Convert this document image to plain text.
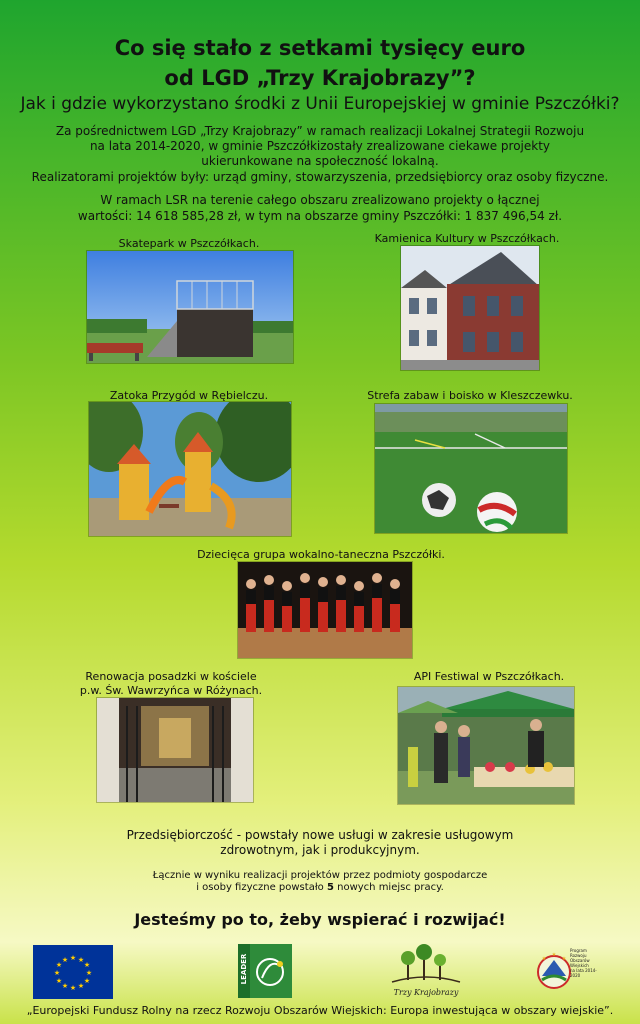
Co się stało z setkami tysięcy euro
od LGD „Trzy Krajobrazy”?
Jak i gdzie wykorzystano środki z Unii Europejskiej w gminie Pszczółki?
Za pośrednictwem LGD „Trzy Krajobrazy” w ramach realizacji Lokalnej Strategii Rozwoju
na lata 2014-2020, w gminie Pszczółkizostały zrealizowane ciekawe projekty
ukierunkowane na społeczność lokalną.
Realizatorami projektów były: urząd gminy, stowarzyszenia, przedsiębiorcy oraz osoby fizyczne.
W ramach LSR na terenie całego obszaru zrealizowano projekty o łącznej
wartości: 14 618 585,28 zł, w tym na obszarze gminy Pszczółki: 1 837 496,54 zł.
Skatepark w Pszczółkach.	Kamienica Kultury w Pszczółkach.
Zatoka Przygód w Rębielczu.	Strefa zabaw i boisko w Kleszczewku.
Dziecięca grupa wokalno-taneczna Pszczółki.
Renowacja posadzki w kościele
p.w. Św. Wawrzyńca w Różynach.
API Festiwal w Pszczółkach.
Przedsiębiorczość - powstały nowe usługi w zakresie usługowym
zdrowotnym, jak i produkcyjnym.
Łącznie w wyniku realizacji projektów przez podmioty gospodarcze
i osoby fizyczne powstało 5 nowych miejsc pracy.
Jesteśmy po to, żeby wspierać i rozwijać!
★ ★
★
★
★
★
★
★
★
★
★
★	LEADER
Trzy Krajobrazy
★
★	★
Program
Rozwoju
Obszarów
Wiejskich
na lata 2014-2020
„Europejski Fundusz Rolny na rzecz Rozwoju Obszarów Wiejskich: Europa inwestująca w obszary wiejskie”.
